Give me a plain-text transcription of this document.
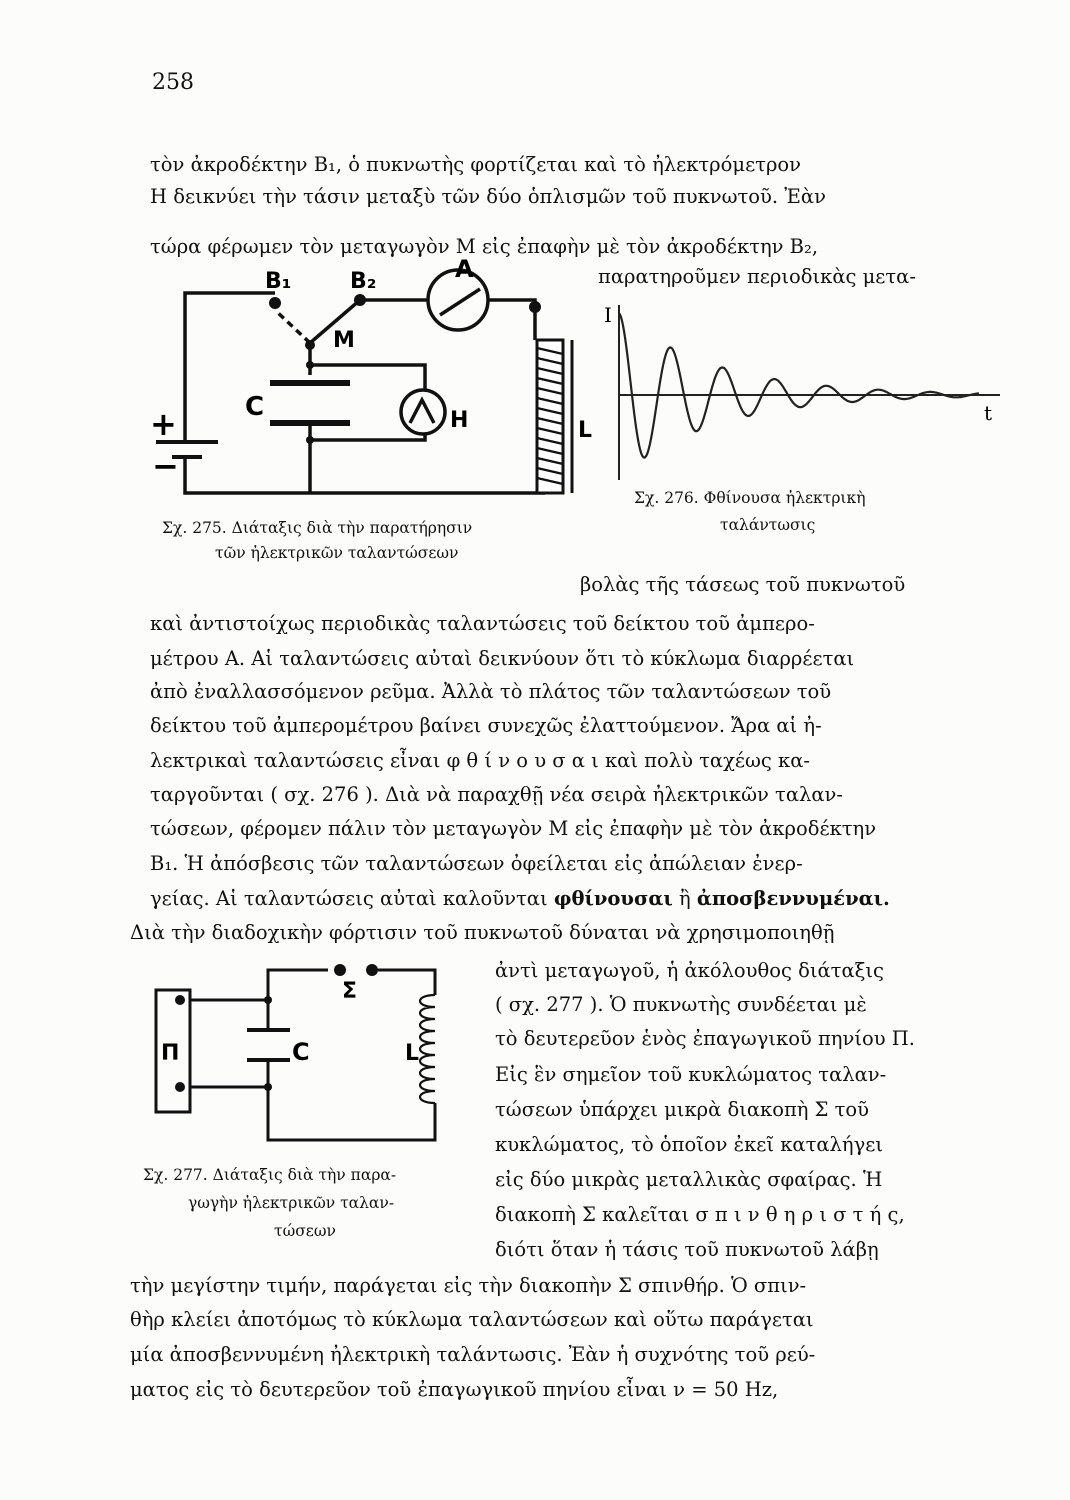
258
τὸν ἀκροδέκτην Β₁, ὁ πυκνωτὴς φορτίζεται καὶ τὸ ἠλεκτρόμετρον
Η δεικνύει τὴν τάσιν μεταξὺ τῶν δύο ὁπλισμῶν τοῦ πυκνωτοῦ. Ἐὰν
τώρα φέρωμεν τὸν μεταγωγὸν Μ εἰς ἐπαφὴν μὲ τὸν ἀκροδέκτην Β₂,
παρατηροῦμεν περιοδικὰς μετα-
B₁	B₂	A
M
C	H	L
+
−
I
t
Σχ. 275. Διάταξις διὰ τὴν παρατήρησιν
τῶν ἠλεκτρικῶν ταλαντώσεων
Σχ. 276. Φθίνουσα ἠλεκτρικὴ
ταλάντωσις
βολὰς τῆς τάσεως τοῦ πυκνωτοῦ
καὶ ἀντιστοίχως περιοδικὰς ταλαντώσεις τοῦ δείκτου τοῦ ἀμπερο-
μέτρου Α. Αἱ ταλαντώσεις αὐταὶ δεικνύουν ὅτι τὸ κύκλωμα διαρρέεται
ἀπὸ ἐναλλασσόμενον ρεῦμα. Ἀλλὰ τὸ πλάτος τῶν ταλαντώσεων τοῦ
δείκτου τοῦ ἀμπερομέτρου βαίνει συνεχῶς ἐλαττούμενον. Ἄρα αἱ ἠ-
λεκτρικαὶ ταλαντώσεις εἶναι φ θ ί ν ο υ σ α ι καὶ πολὺ ταχέως κα-
ταργοῦνται ( σχ. 276 ). Διὰ νὰ παραχθῇ νέα σειρὰ ἠλεκτρικῶν ταλαν-
τώσεων, φέρομεν πάλιν τὸν μεταγωγὸν Μ εἰς ἐπαφὴν μὲ τὸν ἀκροδέκτην
Β₁. Ἡ ἀπόσβεσις τῶν ταλαντώσεων ὀφείλεται εἰς ἀπώλειαν ἐνερ-
γείας. Αἱ ταλαντώσεις αὐταὶ καλοῦνται φθίνουσαι ἢ ἀποσβεννυμέναι.
Διὰ τὴν διαδοχικὴν φόρτισιν τοῦ πυκνωτοῦ δύναται νὰ χρησιμοποιηθῇ
Σ
Π	C	L
Σχ. 277. Διάταξις διὰ τὴν παρα-
γωγὴν ἠλεκτρικῶν ταλαν-
τώσεων
ἀντὶ μεταγωγοῦ, ἡ ἀκόλουθος διάταξις
( σχ. 277 ). Ὁ πυκνωτὴς συνδέεται μὲ
τὸ δευτερεῦον ἑνὸς ἐπαγωγικοῦ πηνίου Π.
Εἰς ἓν σημεῖον τοῦ κυκλώματος ταλαν-
τώσεων ὑπάρχει μικρὰ διακοπὴ Σ τοῦ
κυκλώματος, τὸ ὁποῖον ἐκεῖ καταλήγει
εἰς δύο μικρὰς μεταλλικὰς σφαίρας. Ἡ
διακοπὴ Σ καλεῖται σ π ι ν θ η ρ ι σ τ ή ς,
διότι ὅταν ἡ τάσις τοῦ πυκνωτοῦ λάβῃ
τὴν μεγίστην τιμήν, παράγεται εἰς τὴν διακοπὴν Σ σπινθήρ. Ὁ σπιν-
θὴρ κλείει ἀποτόμως τὸ κύκλωμα ταλαντώσεων καὶ οὕτω παράγεται
μία ἀποσβεννυμένη ἠλεκτρικὴ ταλάντωσις. Ἐὰν ἡ συχνότης τοῦ ρεύ-
ματος εἰς τὸ δευτερεῦον τοῦ ἐπαγωγικοῦ πηνίου εἶναι ν = 50 Hz,
